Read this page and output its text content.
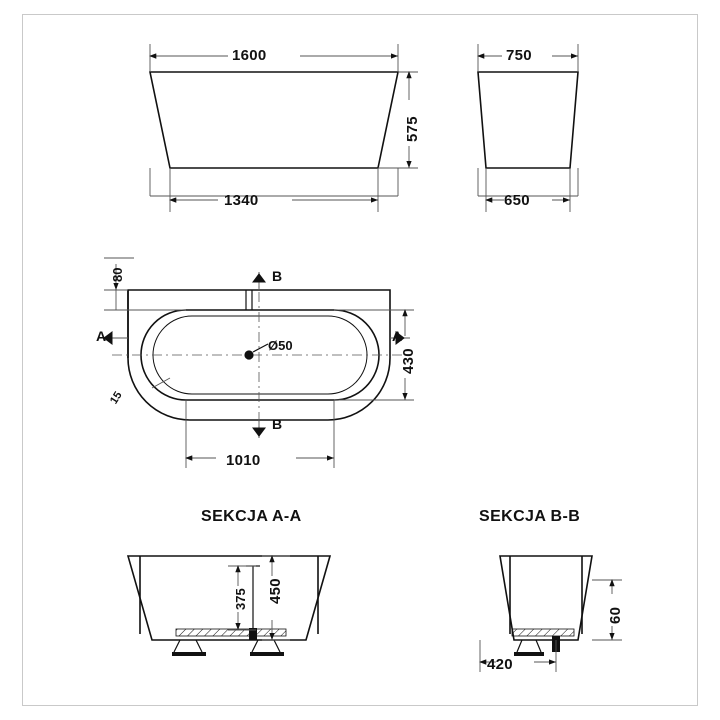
1600
1340
575
750
650
80
430
1010
Ø50
15
A	A
B
B
SEKCJA A-A	SEKCJA B-B
375 450
60
420
